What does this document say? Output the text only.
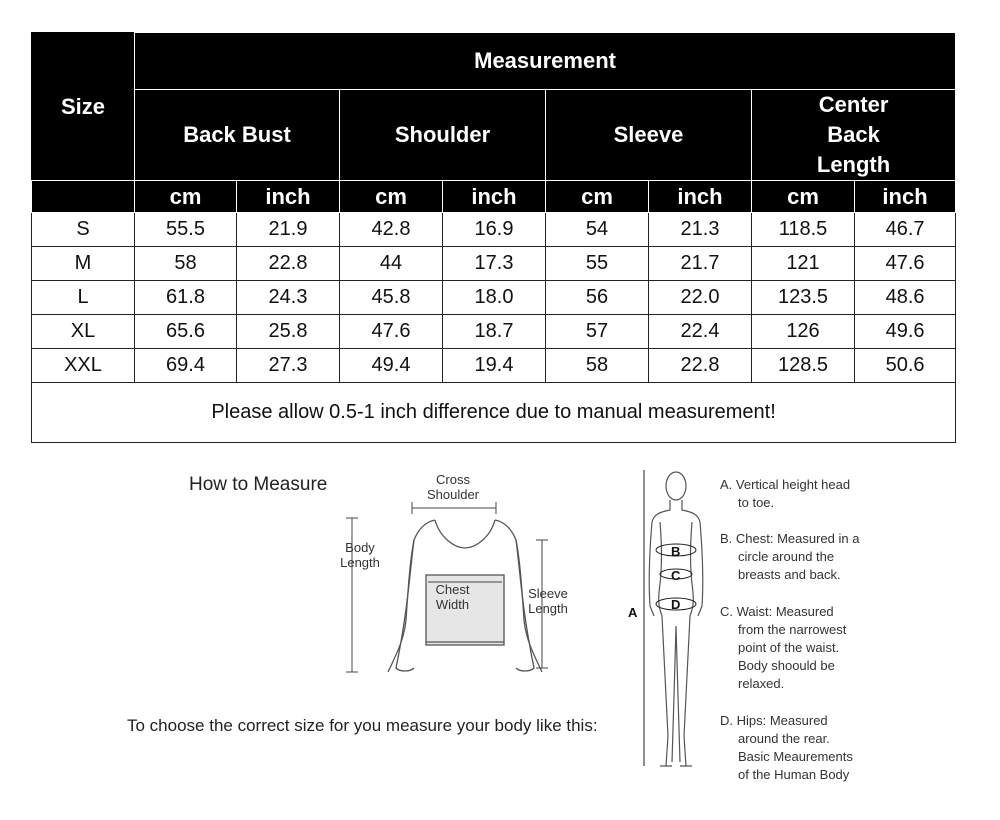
Size	Measurement							
	Back Bust		Shoulder		Sleeve		Center Back Length	

	cm	inch	cm	inch	cm	inch	cm	inch
S	55.5	21.9	42.8	16.9	54	21.3	118.5	46.7
M	58	22.8	44	17.3	55	21.7	121	47.6
L	61.8	24.3	45.8	18.0	56	22.0	123.5	48.6
XL	65.6	25.8	47.6	18.7	57	22.4	126	49.6
XXL	69.4	27.3	49.4	19.4	58	22.8	128.5	50.6
Please allow 0.5-1 inch difference due to manual measurement!								
How to Measure	Cross
Shoulder
Body
Length
Chest
Width
Sleeve
Length
To choose the correct size for you measure your body like this:
A
B
C
D
A. Vertical height head
to toe.
B. Chest: Measured in a
circle around the
breasts and back.
C. Waist: Measured
from the narrowest
point of the waist.
Body shoould be
relaxed.
D. Hips: Measured
around the rear.
Basic Meaurements
of the Human Body
